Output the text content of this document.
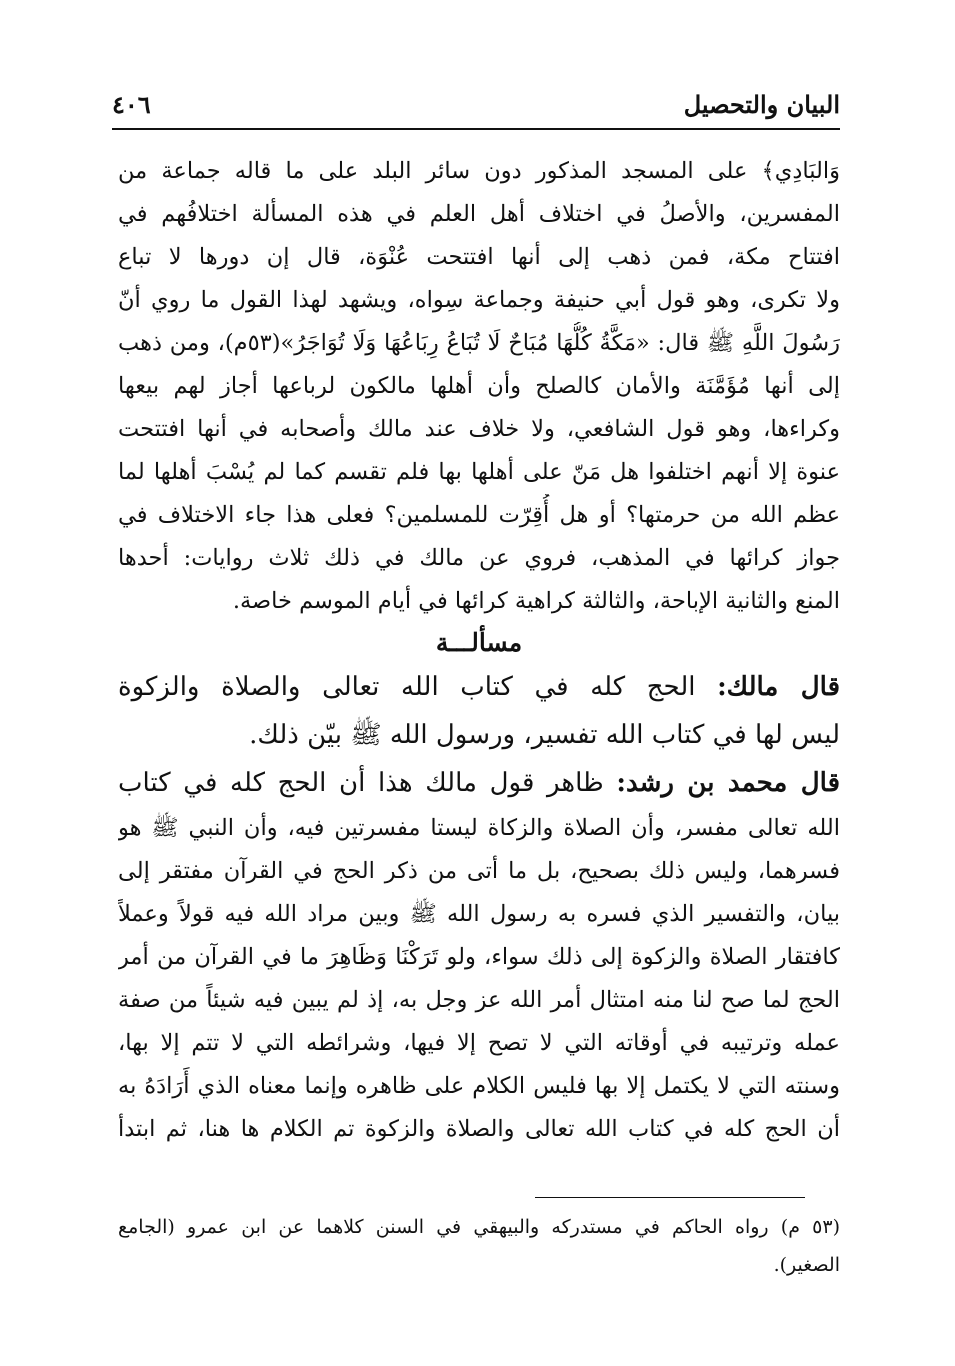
البيان والتحصيل
٤٠٦
وَالبَادِي﴾ على المسجد المذكور دون سائر البلد على ما قاله جماعة من
المفسرين، والأصلُ في اختلاف أهل العلم في هذه المسألة اختلافُهم في
افتتاح مكة، فمن ذهب إلى أنها افتتحت عُنْوَة، قال إن دورها لا تباع
ولا تكرى، وهو قول أبي حنيفة وجماعة سِواه، ويشهد لهذا القول ما روي أنّ
رَسُولَ اللَّهِ ﷺ قال: «مَكَّةُ كُلُّهَا مُبَاحٌ لَا تُبَاعُ رِبَاعُهَا وَلَا تُوَاجَرُ»(٥٣م)، ومن ذهب
إلى أنها مُؤَمَّنَة والأمان كالصلح وأن أهلها مالكون لرباعها أجاز لهم بيعها
وكراءها، وهو قول الشافعي، ولا خلاف عند مالك وأصحابه في أنها افتتحت
عنوة إلا أنهم اختلفوا هل مَنّ على أهلها بها فلم تقسم كما لم يُسْبَ أهلها لما
عظم الله من حرمتها؟ أو هل أُقِرّت للمسلمين؟ فعلى هذا جاء الاختلاف في
جواز كرائها في المذهب، فروي عن مالك في ذلك ثلاث روايات: أحدها
المنع والثانية الإباحة، والثالثة كراهية كرائها في أيام الموسم خاصة.
مسألـــة
قال مالك: الحج كله في كتاب الله تعالى والصلاة والزكوة
ليس لها في كتاب الله تفسير، ورسول الله ﷺ بيّن ذلك.
قال محمد بن رشد: ظاهر قول مالك هذا أن الحج كله في كتاب
الله تعالى مفسر، وأن الصلاة والزكاة ليستا مفسرتين فيه، وأن النبي ﷺ هو
فسرهما، وليس ذلك بصحيح، بل ما أتى من ذكر الحج في القرآن مفتقر إلى
بيان، والتفسير الذي فسره به رسول الله ﷺ وبين مراد الله فيه قولاً وعملاً
كافتقار الصلاة والزكوة إلى ذلك سواء، ولو تَرَكْنَا وَظَاهِرَ ما في القرآن من أمر
الحج لما صح لنا منه امتثال أمر الله عز وجل به، إذ لم يبين فيه شيئاً من صفة
عمله وترتيبه في أوقاته التي لا تصح إلا فيها، وشرائطه التي لا تتم إلا بها،
وسنته التي لا يكتمل إلا بها فليس الكلام على ظاهره وإنما معناه الذي أَرَادَهُ به
أن الحج كله في كتاب الله تعالى والصلاة والزكوة تم الكلام ها هنا، ثم ابتدأ
(٥٣ م) رواه الحاكم في مستدركه والبيهقي في السنن كلاهما عن ابن عمرو (الجامع
الصغير).
